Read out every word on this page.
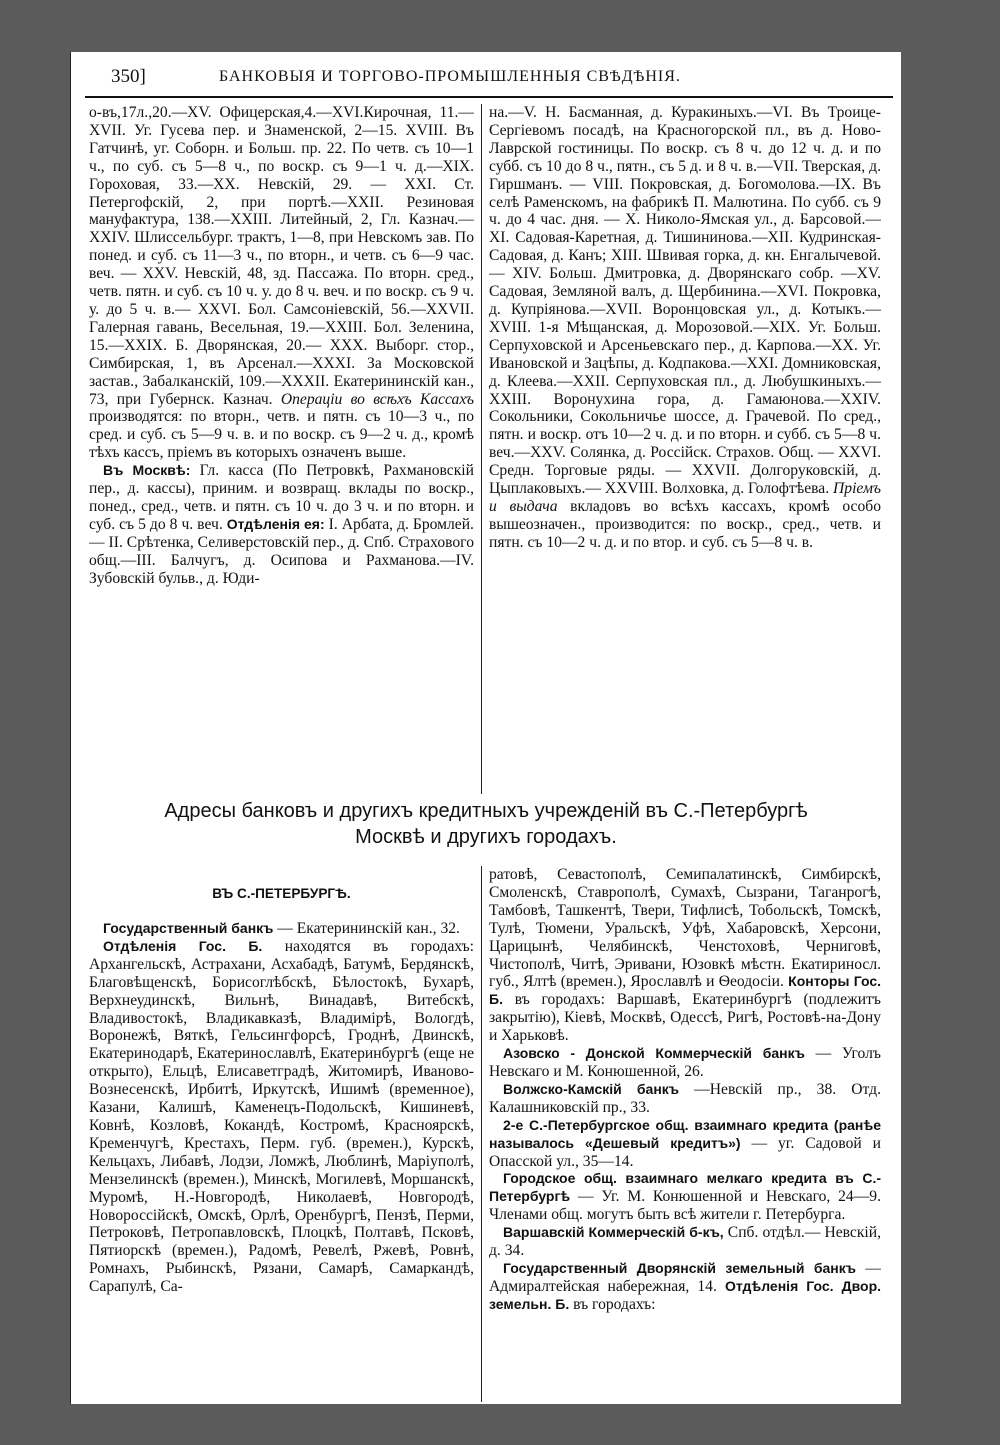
350]	БАНКОВЫЯ И ТОРГОВО-ПРОМЫШЛЕННЫЯ СВѢДѢНІЯ.

о-въ,17л.,20.—XV. Офицерская,4.—XVI.Кирочная, 11.—XVII. Уг. Гусева пер. и Знаменской, 2—15. XVIII. Въ Гатчинѣ, уг. Соборн. и Больш. пр. 22. По четв. съ 10—1 ч., по суб. съ 5—8 ч., по воскр. съ 9—1 ч. д.—XIX. Гороховая, 33.—XX. Невскій, 29. — XXI. Ст. Петергофскій, 2, при портѣ.—XXII. Резиновая мануфактура, 138.—XXIII. Литейный, 2, Гл. Казнач.—XXIV. Шлиссельбург. трактъ, 1—8, при Невскомъ зав. По понед. и суб. съ 11—3 ч., по вторн., и четв. съ 6—9 час. веч. — XXV. Невскій, 48, зд. Пассажа. По вторн. сред., четв. пятн. и суб. съ 10 ч. у. до 8 ч. веч. и по воскр. съ 9 ч. у. до 5 ч. в.— XXVI. Бол. Самсоніевскій, 56.—XXVII. Галерная гавань, Весельная, 19.—XXIII. Бол. Зеленина, 15.—XXIX. Б. Дворянская, 20.— XXX. Выборг. стор., Симбирская, 1, въ Арсенал.—XXXI. За Московской застав., Забалканскій, 109.—XXXII. Екатерининскій кан., 73, при Губернск. Казнач. Операціи во всѣхъ Кассахъ производятся: по вторн., четв. и пятн. съ 10—3 ч., по сред. и суб. съ 5—9 ч. в. и по воскр. съ 9—2 ч. д., кромѣ тѣхъ кассъ, пріемъ въ которыхъ означенъ выше.

Въ Москвѣ: Гл. касса (По Петровкѣ, Рахмановскій пер., д. кассы), приним. и возвращ. вклады по воскр., понед., сред., четв. и пятн. съ 10 ч. до 3 ч. и по вторн. и суб. съ 5 до 8 ч. веч. Отдѣленія ея: I. Арбата, д. Бромлей.— II. Срѣтенка, Селиверстовскій пер., д. Спб. Страхового общ.—III. Балчугъ, д. Осипова и Рахманова.—IV. Зубовскій бульв., д. Юди-

на.—V. Н. Басманная, д. Куракиныхъ.—VI. Въ Троице-Сергіевомъ посадѣ, на Красногорской пл., въ д. Ново-Лаврской гостиницы. По воскр. съ 8 ч. до 12 ч. д. и по субб. съ 10 до 8 ч., пятн., съ 5 д. и 8 ч. в.—VII. Тверская, д. Гиршманъ. — VIII. Покровская, д. Богомолова.—IX. Въ селѣ Раменскомъ, на фабрикѣ П. Малютина. По субб. съ 9 ч. до 4 час. дня. — X. Николо-Ямская ул., д. Барсовой.—XI. Садовая-Каретная, д. Тишининова.—XII. Кудринская-Садовая, д. Канъ; XIII. Швивая горка, д. кн. Енгалычевой.— XIV. Больш. Дмитровка, д. Дворянскаго собр. —XV. Садовая, Земляной валъ, д. Щербинина.—XVI. Покровка, д. Купріянова.—XVII. Воронцовская ул., д. Котыкъ.—XVIII. 1-я Мѣщанская, д. Морозовой.—XIX. Уг. Больш. Серпуховской и Арсеньевскаго пер., д. Карпова.—XX. Уг. Ивановской и Зацѣпы, д. Кодпакова.—XXI. Домниковская, д. Клеева.—XXII. Серпуховская пл., д. Любушкиныхъ.—XXIII. Воронухина гора, д. Гамаюнова.—XXIV. Сокольники, Сокольничье шоссе, д. Грачевой. По сред., пятн. и воскр. отъ 10—2 ч. д. и по вторн. и субб. съ 5—8 ч. веч.—XXV. Солянка, д. Россійск. Страхов. Общ. — XXVI. Средн. Торговые ряды. — XXVII. Долгоруковскій, д. Цыплаковыхъ.— XXVIII. Волховка, д. Голофтѣева. Пріемъ и выдача вкладовъ во всѣхъ кассахъ, кромѣ особо вышеозначен., производится: по воскр., сред., четв. и пятн. съ 10—2 ч. д. и по втор. и суб. съ 5—8 ч. в.

Адресы банковъ и другихъ кредитныхъ учрежденій въ С.-Петербургѣ
Москвѣ и другихъ городахъ.
ВЪ С.-ПЕТЕРБУРГѢ.

Государственный банкъ — Екатерининскій кан., 32.

Отдѣленія Гос. Б. находятся въ городахъ: Архангельскѣ, Астрахани, Асхабадѣ, Батумѣ, Бердянскѣ, Благовѣщенскѣ, Борисоглѣбскѣ, Бѣлостокѣ, Бухарѣ, Верхнеудинскѣ, Вильнѣ, Винадавѣ, Витебскѣ, Владивостокѣ, Владикавказѣ, Владимірѣ, Вологдѣ, Воронежѣ, Вяткѣ, Гельсингфорсѣ, Гроднѣ, Двинскѣ, Екатеринодарѣ, Екатеринославлѣ, Екатеринбургѣ (еще не открыто), Ельцѣ, Елисаветградѣ, Житомирѣ, Иваново-Вознесенскѣ, Ирбитѣ, Иркутскѣ, Ишимѣ (временное), Казани, Калишѣ, Каменецъ-Подольскѣ, Кишиневѣ, Ковнѣ, Козловѣ, Кокандѣ, Костромѣ, Красноярскѣ, Кременчугѣ, Крестахъ, Перм. губ. (времен.), Курскѣ, Кельцахъ, Либавѣ, Лодзи, Ломжѣ, Люблинѣ, Маріуполѣ, Мензелинскѣ (времен.), Минскѣ, Могилевѣ, Моршанскѣ, Муромѣ, Н.-Новгородѣ, Николаевѣ, Новгородѣ, Новороссійскѣ, Омскѣ, Орлѣ, Оренбургѣ, Пензѣ, Перми, Петроковѣ, Петропавловскѣ, Плоцкѣ, Полтавѣ, Псковѣ, Пятиорскѣ (времен.), Радомѣ, Ревелѣ, Ржевѣ, Ровнѣ, Ромнахъ, Рыбинскѣ, Рязани, Самарѣ, Самаркандѣ, Сарапулѣ, Са-

ратовѣ, Севастополѣ, Семипалатинскѣ, Симбирскѣ, Смоленскѣ, Ставрополѣ, Сумахѣ, Сызрани, Таганрогѣ, Тамбовѣ, Ташкентѣ, Твери, Тифлисѣ, Тобольскѣ, Томскѣ, Тулѣ, Тюмени, Уральскѣ, Уфѣ, Хабаровскѣ, Херсони, Царицынѣ, Челябинскѣ, Ченстоховѣ, Черниговѣ, Чистополѣ, Читѣ, Эривани, Юзовкѣ мѣстн. Екатириносл. губ., Ялтѣ (времен.), Ярославлѣ и Ѳеодосіи. Конторы Гос. Б. въ городахъ: Варшавѣ, Екатеринбургѣ (подлежитъ закрытію), Кіевѣ, Москвѣ, Одессѣ, Ригѣ, Ростовѣ-на-Дону и Харьковѣ.

Азовско - Донской Коммерческій банкъ — Уголъ Невскаго и М. Конюшенной, 26.

Волжско-Камскій банкъ —Невскій пр., 38. Отд. Калашниковскій пр., 33.

2-е С.-Петербургское общ. взаимнаго кредита (ранѣе называлось «Дешевый кредитъ») — уг. Садовой и Опасской ул., 35—14.

Городское общ. взаимнаго мелкаго кредита въ С.-Петербургѣ — Уг. М. Конюшенной и Невскаго, 24—9. Членами общ. могутъ быть всѣ жители г. Петербурга.

Варшавскій Коммерческій б-къ, Спб. отдѣл.— Невскій, д. 34.

Государственный Дворянскій земельный банкъ —Адмиралтейская набережная, 14. Отдѣленія Гос. Двор. земельн. Б. въ городахъ:
